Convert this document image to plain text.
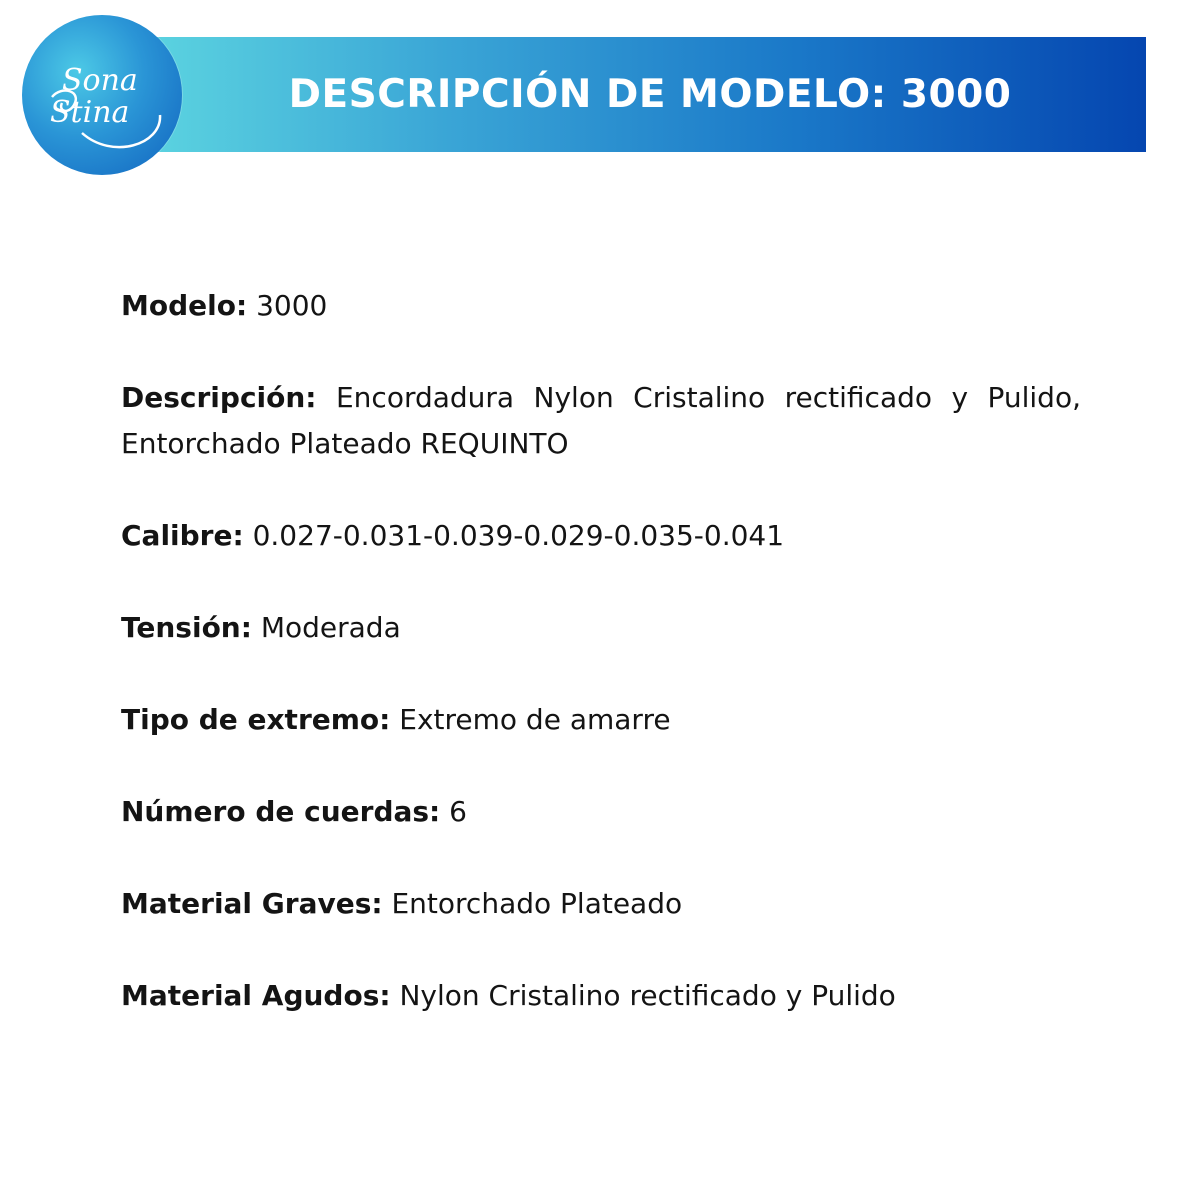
DESCRIPCIÓN DE MODELO: 3000
Sona
Stina

Modelo: 3000

Descripción: Encordadura Nylon Cristalino rectificado y Pulido, Entorchado Plateado REQUINTO

Calibre: 0.027-0.031-0.039-0.029-0.035-0.041

Tensión: Moderada

Tipo de extremo: Extremo de amarre

Número de cuerdas: 6

Material Graves: Entorchado Plateado

Material Agudos: Nylon Cristalino rectificado y Pulido
